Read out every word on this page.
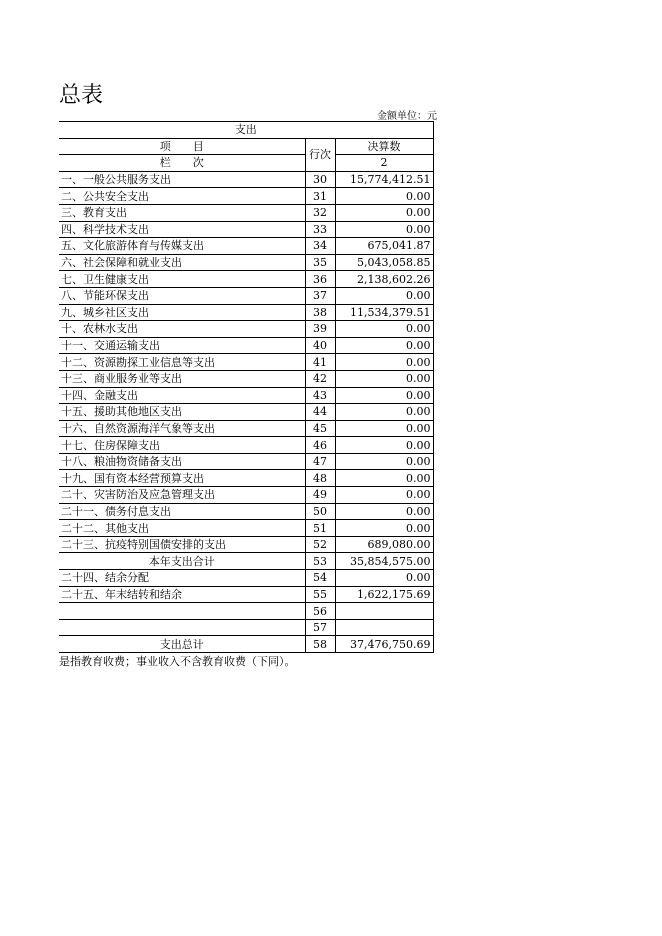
总表
金额单位：元
支出		
项　　目	行次	决算数
栏　　次		2
一、一般公共服务支出	30	15,774,412.51
二、公共安全支出	31	0.00
三、教育支出	32	0.00
四、科学技术支出	33	0.00
五、文化旅游体育与传媒支出	34	675,041.87
六、社会保障和就业支出	35	5,043,058.85
七、卫生健康支出	36	2,138,602.26
八、节能环保支出	37	0.00
九、城乡社区支出	38	11,534,379.51
十、农林水支出	39	0.00
十一、交通运输支出	40	0.00
十二、资源勘探工业信息等支出	41	0.00
十三、商业服务业等支出	42	0.00
十四、金融支出	43	0.00
十五、援助其他地区支出	44	0.00
十六、自然资源海洋气象等支出	45	0.00
十七、住房保障支出	46	0.00
十八、粮油物资储备支出	47	0.00
十九、国有资本经营预算支出	48	0.00
二十、灾害防治及应急管理支出	49	0.00
二十一、债务付息支出	50	0.00
二十二、其他支出	51	0.00
二十三、抗疫特别国债安排的支出	52	689,080.00
本年支出合计	53	35,854,575.00
二十四、结余分配	54	0.00
二十五、年末结转和结余	55	1,622,175.69
	56	
	57	
支出总计	58	37,476,750.69
是指教育收费；事业收入不含教育收费（下同）。
